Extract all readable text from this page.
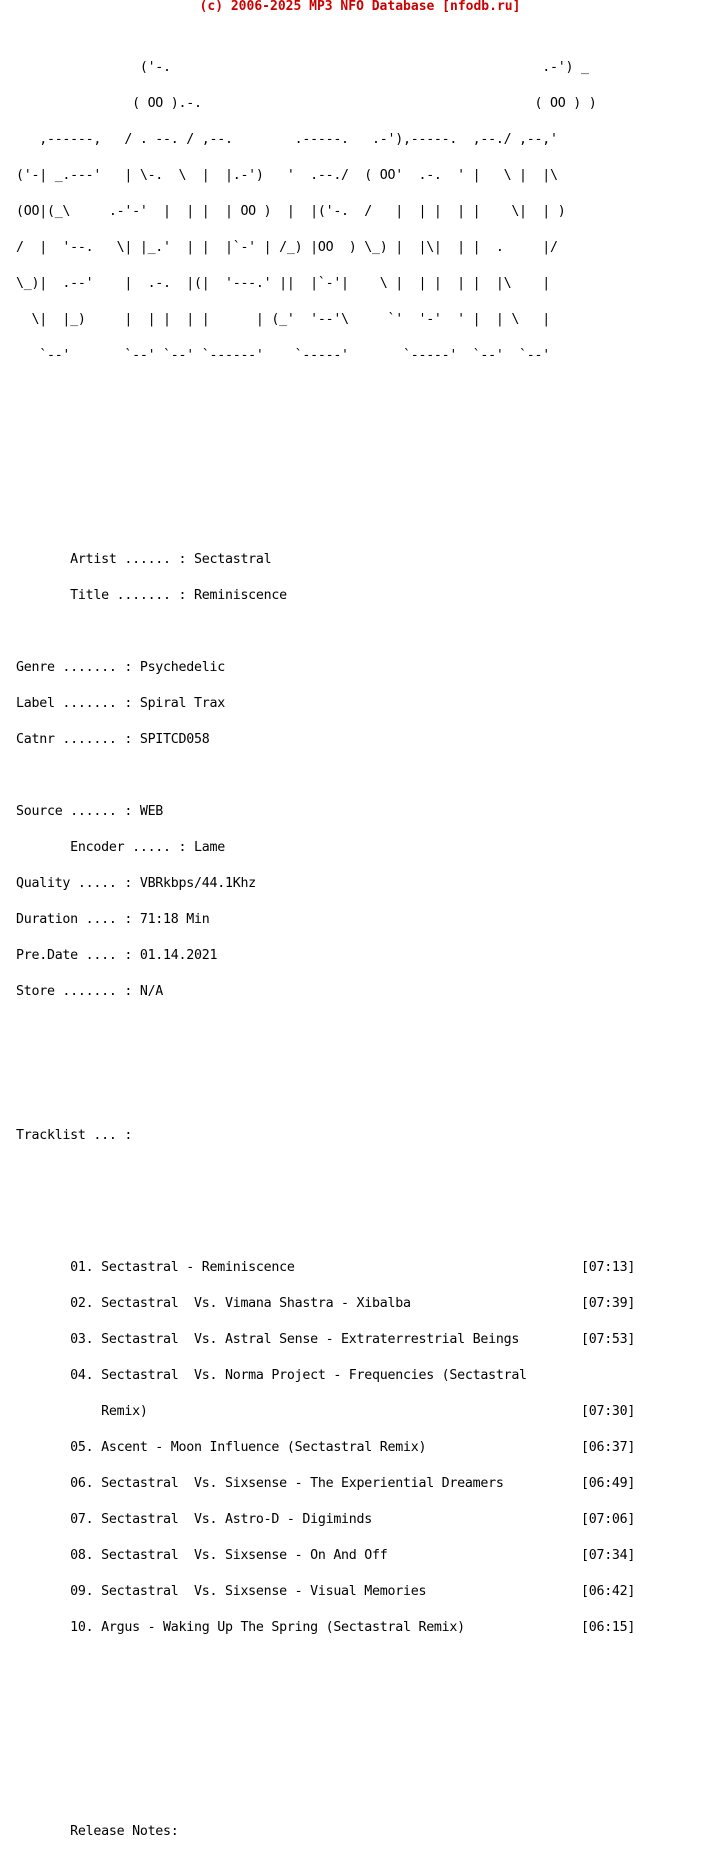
(c) 2006-2025 MP3 NFO Database [nfodb.ru]

('-.                                                .-') _

( OO ).-.                                           ( OO ) )

,------,   / . --. / ,--.        .-----.   .-'),-----.  ,--./ ,--,'

('-| _.---'   | \-.  \  |  |.-')   '  .--./  ( OO'  .-.  ' |   \ |  |\

(OO|(_\     .-'-'  |  | |  | OO )  |  |('-.  /   |  | |  | |    \|  | )

/  |  '--.   \| |_.'  | |  |`-' | /_) |OO  ) \_) |  |\|  | |  .     |/

\_)|  .--'    |  .-.  |(|  '---.' ||  |`-'|    \ |  | |  | |  |\    |

\|  |_)     |  | |  | |      | (_'  '--'\     `'  '-'  ' |  | \   |

`--'       `--' `--' `------'    `-----'       `-----'  `--'  `--'

Artist ...... : Sectastral

Title ....... : Reminiscence

Genre ....... : Psychedelic

Label ....... : Spiral Trax

Catnr ....... : SPITCD058

Source ...... : WEB

Encoder ..... : Lame

Quality ..... : VBRkbps/44.1Khz

Duration .... : 71:18 Min

Pre.Date .... : 01.14.2021

Store ....... : N/A

Tracklist ... :

01. Sectastral - Reminiscence                                     [07:13]

02. Sectastral  Vs. Vimana Shastra - Xibalba                      [07:39]

03. Sectastral  Vs. Astral Sense - Extraterrestrial Beings        [07:53]

04. Sectastral  Vs. Norma Project - Frequencies (Sectastral

Remix)                                                        [07:30]

05. Ascent - Moon Influence (Sectastral Remix)                    [06:37]

06. Sectastral  Vs. Sixsense - The Experiential Dreamers          [06:49]

07. Sectastral  Vs. Astro-D - Digiminds                           [07:06]

08. Sectastral  Vs. Sixsense - On And Off                         [07:34]

09. Sectastral  Vs. Sixsense - Visual Memories                    [06:42]

10. Argus - Waking Up The Spring (Sectastral Remix)               [06:15]

Release Notes:
